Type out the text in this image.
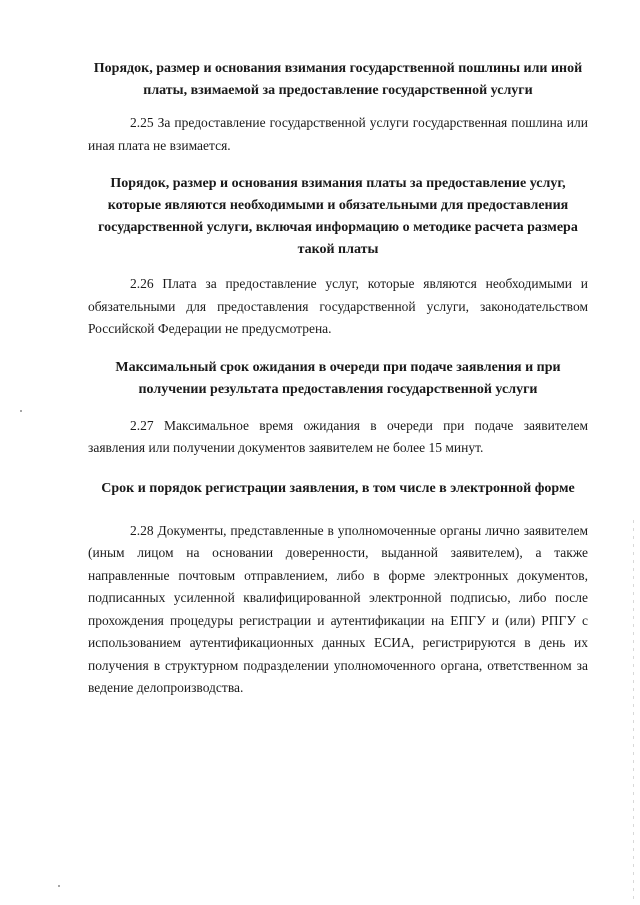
Порядок, размер и основания взимания государственной пошлины или иной платы, взимаемой за предоставление государственной услуги

2.25 За предоставление государственной услуги государственная пошлина или иная плата не взимается.

Порядок, размер и основания взимания платы за предоставление услуг, которые являются необходимыми и обязательными для предоставления государственной услуги, включая информацию о методике расчета размера такой платы

2.26 Плата за предоставление услуг, которые являются необходимыми и обязательными для предоставления государственной услуги, законодательством Российской Федерации не предусмотрена.

Максимальный срок ожидания в очереди при подаче заявления и при получении результата предоставления государственной услуги

2.27 Максимальное время ожидания в очереди при подаче заявителем заявления или получении документов заявителем не более 15 минут.

Срок и порядок регистрации заявления, в том числе в электронной форме

2.28 Документы, представленные в уполномоченные органы лично заявителем (иным лицом на основании доверенности, выданной заявителем), а также направленные почтовым отправлением, либо в форме электронных документов, подписанных усиленной квалифицированной электронной подписью, либо после прохождения процедуры регистрации и аутентификации на ЕПГУ и (или) РПГУ с использованием аутентификационных данных ЕСИА, регистрируются в день их получения в структурном подразделении уполномоченного органа, ответственном за ведение делопроизводства.
